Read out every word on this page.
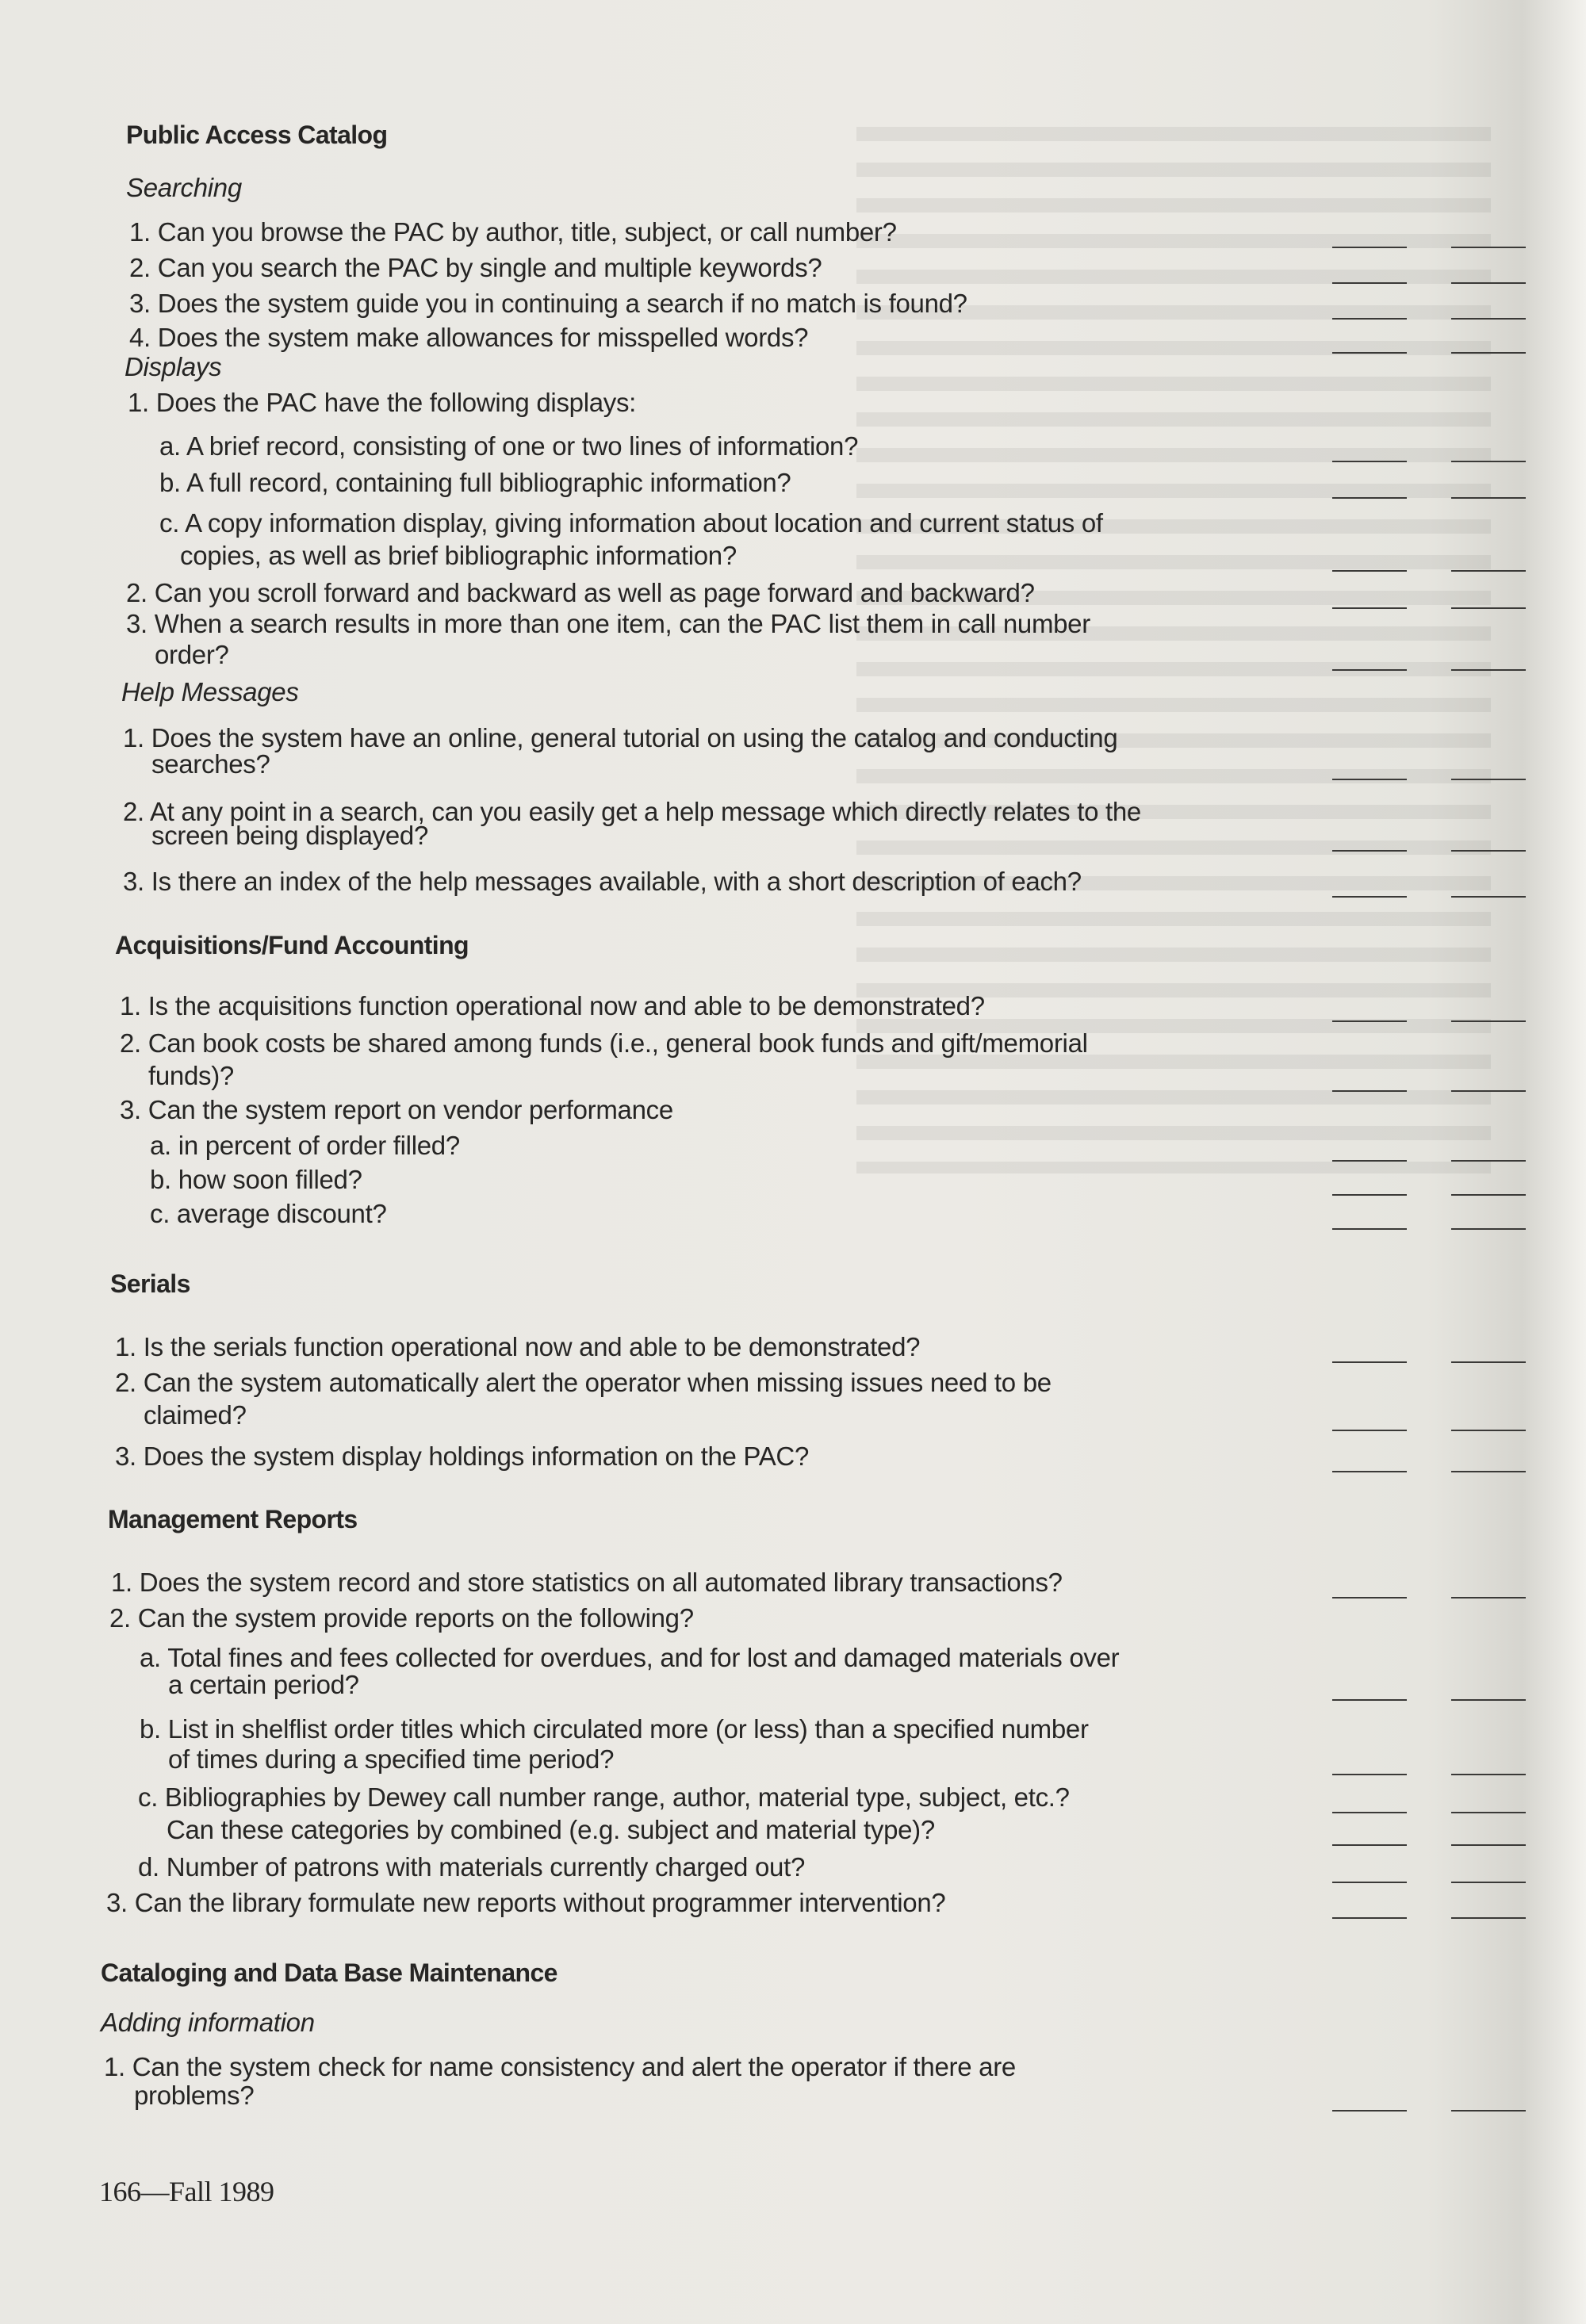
Public Access Catalog
Searching
1. Can you browse the PAC by author, title, subject, or call number?
2. Can you search the PAC by single and multiple keywords?
3. Does the system guide you in continuing a search if no match is found?
4. Does the system make allowances for misspelled words?
Displays
1. Does the PAC have the following displays:
a. A brief record, consisting of one or two lines of information?
b. A full record, containing full bibliographic information?
c. A copy information display, giving information about location and current status of
copies, as well as brief bibliographic information?
2. Can you scroll forward and backward as well as page forward and backward?
3. When a search results in more than one item, can the PAC list them in call number
order?
Help Messages
1. Does the system have an online, general tutorial on using the catalog and conducting
searches?
2. At any point in a search, can you easily get a help message which directly relates to the
screen being displayed?
3. Is there an index of the help messages available, with a short description of each?
Acquisitions/Fund Accounting
1. Is the acquisitions function operational now and able to be demonstrated?
2. Can book costs be shared among funds (i.e., general book funds and gift/memorial
funds)?
3. Can the system report on vendor performance
a. in percent of order filled?
b. how soon filled?
c. average discount?
Serials
1. Is the serials function operational now and able to be demonstrated?
2. Can the system automatically alert the operator when missing issues need to be
claimed?
3. Does the system display holdings information on the PAC?
Management Reports
1. Does the system record and store statistics on all automated library transactions?
2. Can the system provide reports on the following?
a. Total fines and fees collected for overdues, and for lost and damaged materials over
a certain period?
b. List in shelflist order titles which circulated more (or less) than a specified number
of times during a specified time period?
c. Bibliographies by Dewey call number range, author, material type, subject, etc.?
Can these categories by combined (e.g. subject and material type)?
d. Number of patrons with materials currently charged out?
3. Can the library formulate new reports without programmer intervention?
Cataloging and Data Base Maintenance
Adding information
1. Can the system check for name consistency and alert the operator if there are
problems?
166—Fall 1989
